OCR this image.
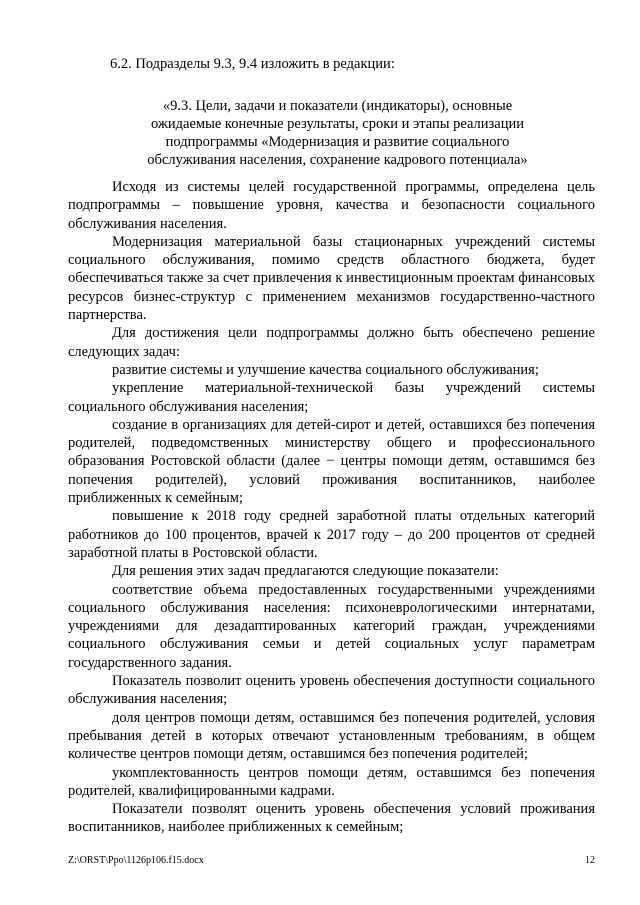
6.2. Подразделы 9.3, 9.4 изложить в редакции:
«9.3. Цели, задачи и показатели (индикаторы), основные
ожидаемые конечные результаты, сроки и этапы реализации
подпрограммы «Модернизация и развитие социального
обслуживания населения, сохранение кадрового потенциала»

Исходя из системы целей государственной программы, определена цель подпрограммы – повышение уровня, качества и безопасности социального обслуживания населения.

Модернизация материальной базы стационарных учреждений системы социального обслуживания, помимо средств областного бюджета, будет обеспечиваться также за счет привлечения к инвестиционным проектам финансовых ресурсов бизнес-структур с применением механизмов государственно-частного партнерства.

Для достижения цели подпрограммы должно быть обеспечено решение следующих задач:

развитие системы и улучшение качества социального обслуживания;

укрепление материальной-технической базы учреждений системы социального обслуживания населения;

создание в организациях для детей-сирот и детей, оставшихся без попечения родителей, подведомственных министерству общего и профессионального образования Ростовской области (далее − центры помощи детям, оставшимся без попечения родителей), условий проживания воспитанников, наиболее приближенных к семейным;

повышение к 2018 году средней заработной платы отдельных категорий работников до 100 процентов, врачей к 2017 году – до 200 процентов от средней заработной платы в Ростовской области.

Для решения этих задач предлагаются следующие показатели:

соответствие объема предоставленных государственными учреждениями социального обслуживания населения: психоневрологическими интернатами, учреждениями для дезадаптированных категорий граждан, учреждениями социального обслуживания семьи и детей социальных услуг параметрам государственного задания.

Показатель позволит оценить уровень обеспечения доступности социального обслуживания населения;

доля центров помощи детям, оставшимся без попечения родителей, условия пребывания детей в которых отвечают установленным требованиям, в общем количестве центров помощи детям, оставшимся без попечения родителей;

укомплектованность центров помощи детям, оставшимся без попечения родителей, квалифицированными кадрами.

Показатели позволят оценить уровень обеспечения условий проживания воспитанников, наиболее приближенных к семейным;

Z:\ORST\Ppo\1126p106.f15.docx	12
